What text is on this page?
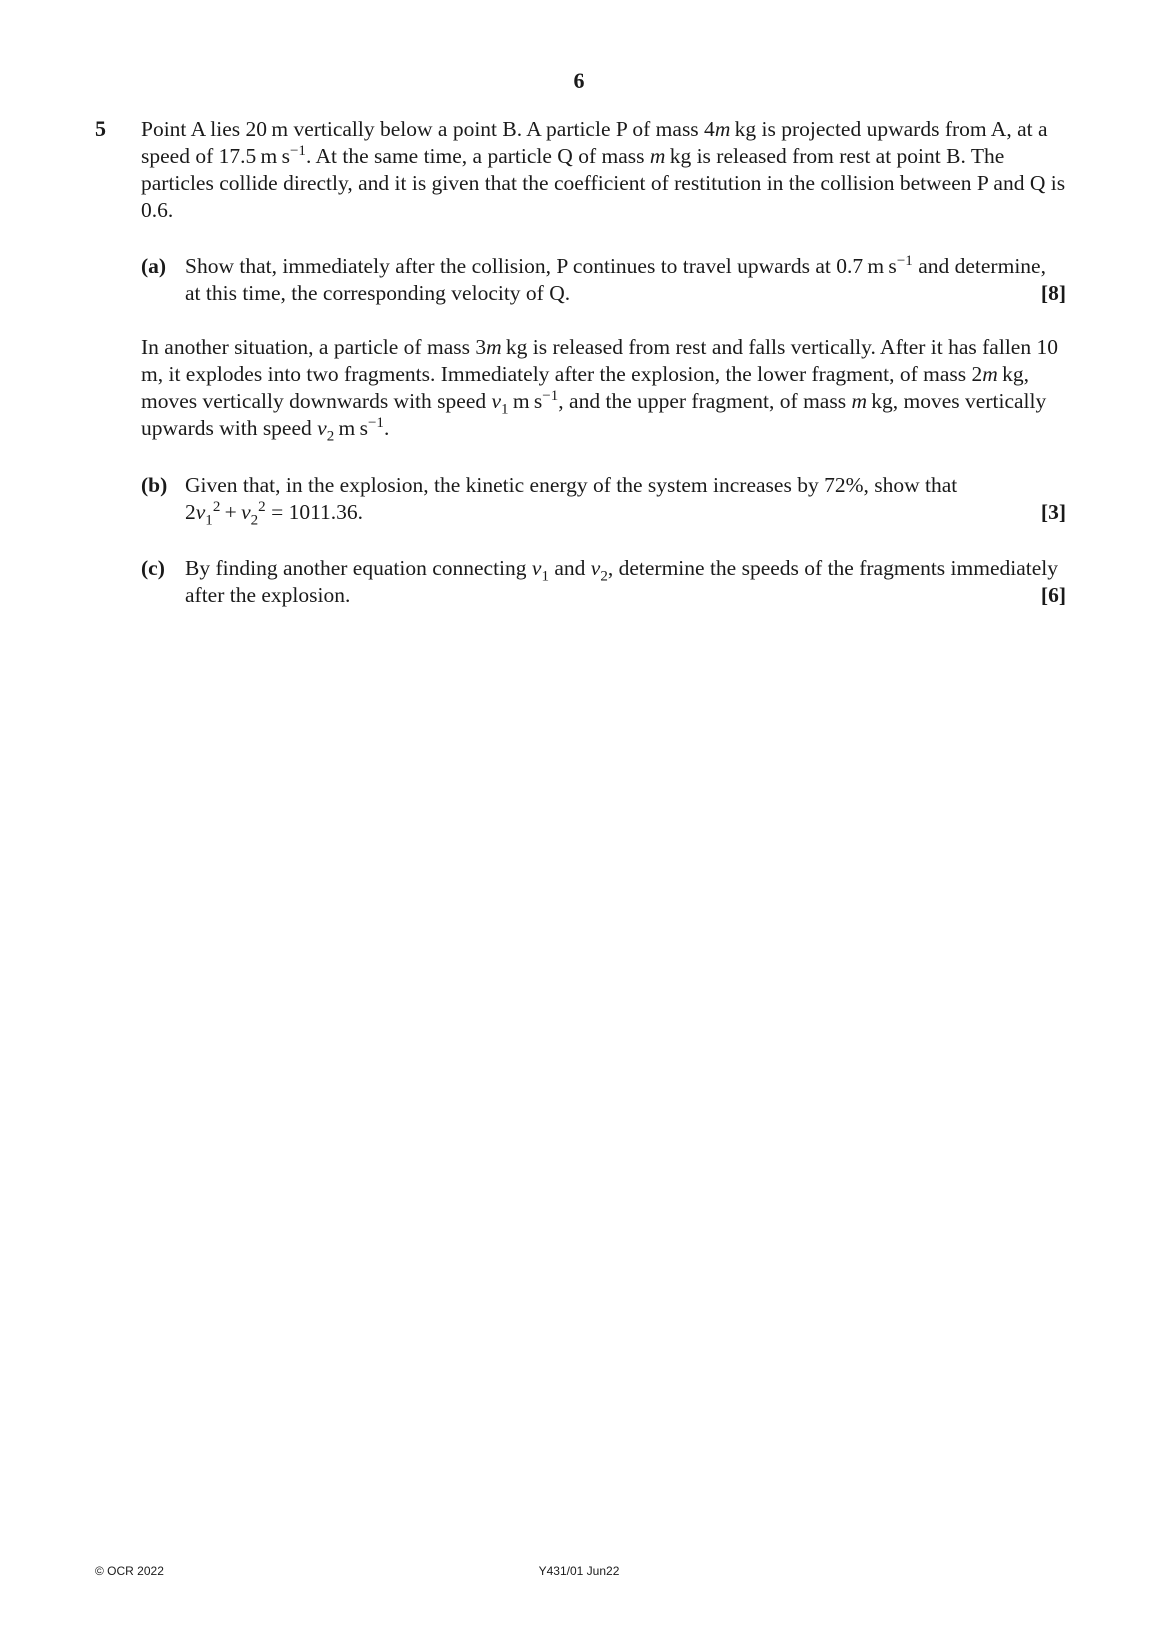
6
5 Point A lies 20 m vertically below a point B. A particle P of mass 4m kg is projected upwards from A, at a speed of 17.5 m $s^{-1}$. At the same time, a particle Q of mass m kg is released from rest at point B. The particles collide directly, and it is given that the coefficient of restitution in the collision between P and Q is 0.6.
(a) Show that, immediately after the collision, P continues to travel upwards at 0.7 m $s^{-1}$ and determine, at this time, the corresponding velocity of Q.	[8]
In another situation, a particle of mass 3m kg is released from rest and falls vertically. After it has fallen 10 m, it explodes into two fragments. Immediately after the explosion, the lower fragment, of mass 2m kg, moves vertically downwards with speed $v_1$ m $s^{-1}$, and the upper fragment, of mass m kg, moves vertically upwards with speed $v_2$ m $s^{-1}$.
(b) Given that, in the explosion, the kinetic energy of the system increases by 72%, show that
$2v_1^2 + v_2^2 = 1011.36$.	[3]
(c) By finding another equation connecting $v_1$ and $v_2$, determine the speeds of the fragments immediately after the explosion.	[6]
© OCR 2022	Y431/01 Jun22
